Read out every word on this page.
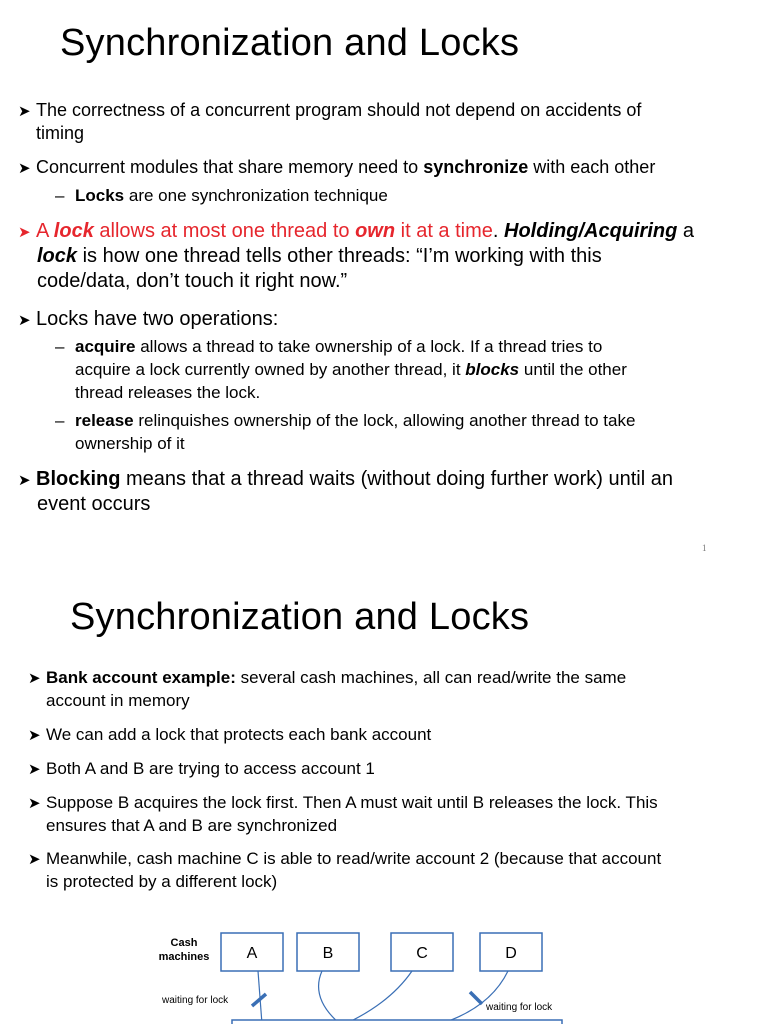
Synchronization and Locks
➤ The correctness of a concurrent program should not depend on accidents of
timing
➤ Concurrent modules that share memory need to synchronize with each other
– Locks are one synchronization technique
➤ A lock allows at most one thread to own it at a time. Holding/Acquiring a
lock is how one thread tells other threads: “I’m working with this
code/data, don’t touch it right now.”
➤ Locks have two operations:
– acquire allows a thread to take ownership of a lock. If a thread tries to
acquire a lock currently owned by another thread, it blocks until the other
thread releases the lock.
– release relinquishes ownership of the lock, allowing another thread to take
ownership of it
➤ Blocking means that a thread waits (without doing further work) until an
event occurs
1
Synchronization and Locks
➤ Bank account example: several cash machines, all can read/write the same
account in memory
➤ We can add a lock that protects each bank account
➤ Both A and B are trying to access account 1
➤ Suppose B acquires the lock first. Then A must wait until B releases the lock. This
ensures that A and B are synchronized
➤ Meanwhile, cash machine C is able to read/write account 2 (because that account
is protected by a different lock)
Cash
machines A	B	C	D
waiting for lock
waiting for lock
